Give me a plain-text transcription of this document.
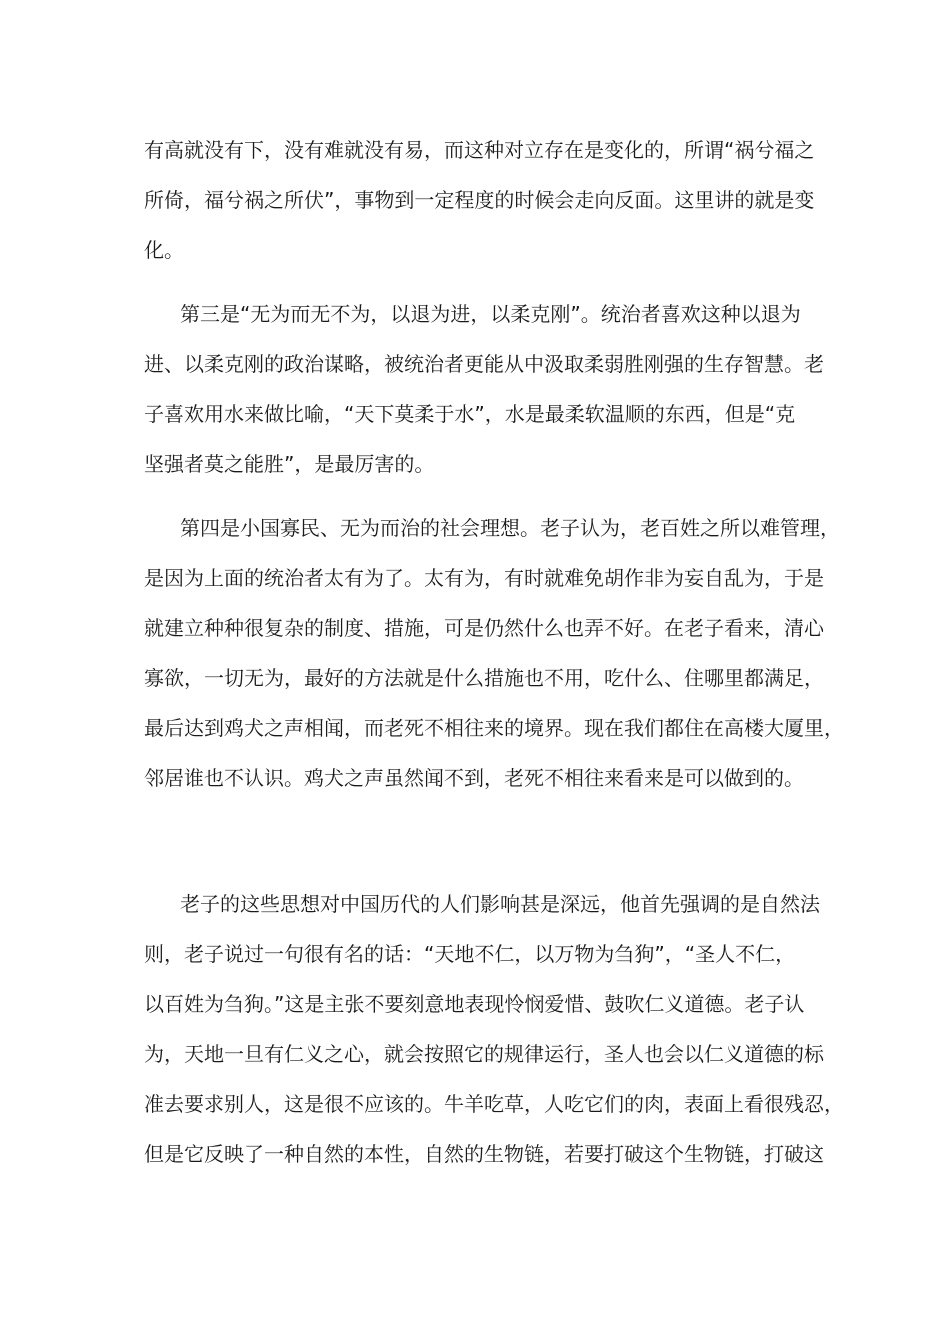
有高就没有下，没有难就没有易，而这种对立存在是变化的，所谓“祸兮福之
所倚，福兮祸之所伏”，事物到一定程度的时候会走向反面。这里讲的就是变
化。
第三是“无为而无不为，以退为进，以柔克刚”。统治者喜欢这种以退为
进、以柔克刚的政治谋略，被统治者更能从中汲取柔弱胜刚强的生存智慧。老
子喜欢用水来做比喻，“天下莫柔于水”，水是最柔软温顺的东西，但是“克
坚强者莫之能胜”，是最厉害的。
第四是小国寡民、无为而治的社会理想。老子认为，老百姓之所以难管理，
是因为上面的统治者太有为了。太有为，有时就难免胡作非为妄自乱为，于是
就建立种种很复杂的制度、措施，可是仍然什么也弄不好。在老子看来，清心
寡欲，一切无为，最好的方法就是什么措施也不用，吃什么、住哪里都满足，
最后达到鸡犬之声相闻，而老死不相往来的境界。现在我们都住在高楼大厦里，
邻居谁也不认识。鸡犬之声虽然闻不到，老死不相往来看来是可以做到的。
老子的这些思想对中国历代的人们影响甚是深远，他首先强调的是自然法
则，老子说过一句很有名的话：“天地不仁，以万物为刍狗”，“圣人不仁，
以百姓为刍狗。”这是主张不要刻意地表现怜悯爱惜、鼓吹仁义道德。老子认
为，天地一旦有仁义之心，就会按照它的规律运行，圣人也会以仁义道德的标
准去要求别人，这是很不应该的。牛羊吃草，人吃它们的肉，表面上看很残忍，
但是它反映了一种自然的本性，自然的生物链，若要打破这个生物链，打破这
